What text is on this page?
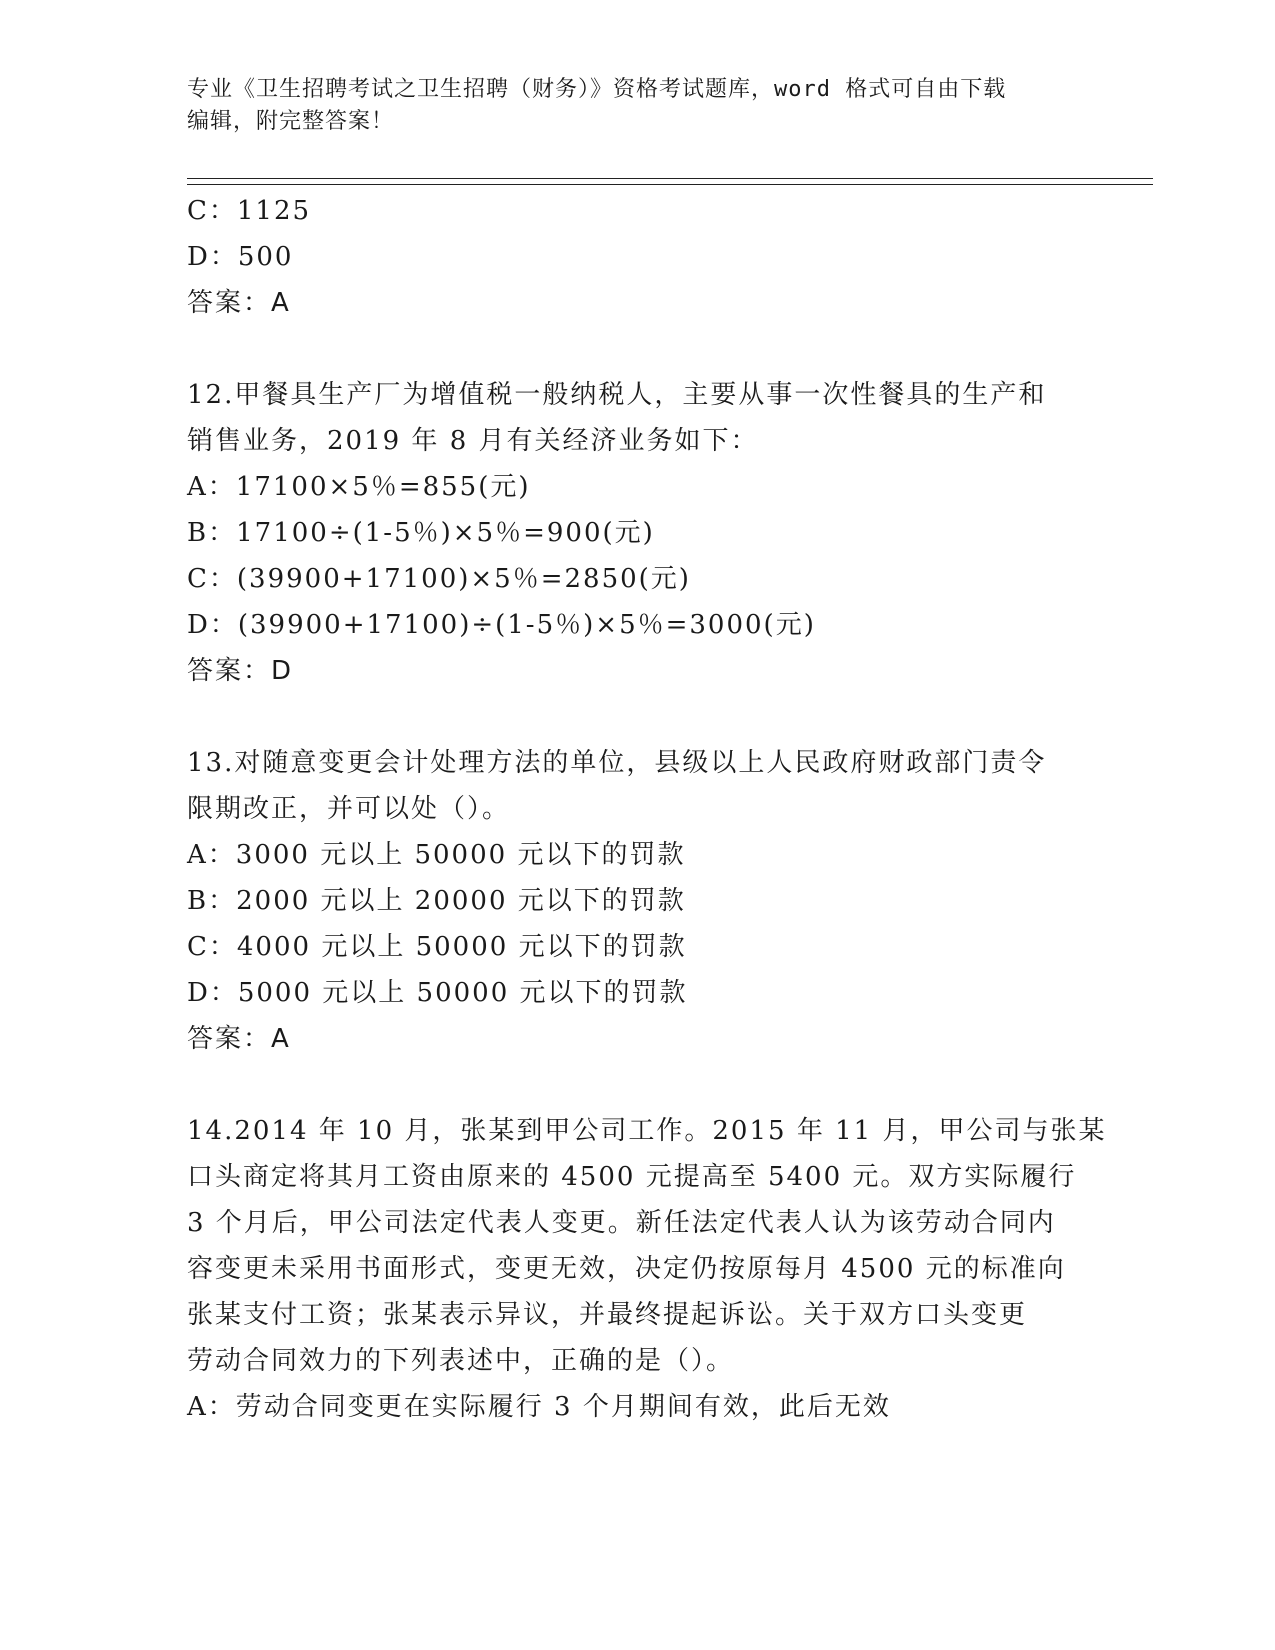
专业《卫生招聘考试之卫生招聘（财务）》资格考试题库，word 格式可自由下载
编辑，附完整答案！

C：1125

D：500

答案：A

12.甲餐具生产厂为增值税一般纳税人，主要从事一次性餐具的生产和

销售业务，2019 年 8 月有关经济业务如下：

A：17100×5％=855(元)

B：17100÷(1-5％)×5％=900(元)

C：(39900+17100)×5％=2850(元)

D：(39900+17100)÷(1-5％)×5％=3000(元)

答案：D

13.对随意变更会计处理方法的单位，县级以上人民政府财政部门责令

限期改正，并可以处（）。

A：3000 元以上 50000 元以下的罚款

B：2000 元以上 20000 元以下的罚款

C：4000 元以上 50000 元以下的罚款

D：5000 元以上 50000 元以下的罚款

答案：A

14.2014 年 10 月，张某到甲公司工作。2015 年 11 月，甲公司与张某

口头商定将其月工资由原来的 4500 元提高至 5400 元。双方实际履行

3 个月后，甲公司法定代表人变更。新任法定代表人认为该劳动合同内

容变更未采用书面形式，变更无效，决定仍按原每月 4500 元的标准向

张某支付工资；张某表示异议，并最终提起诉讼。关于双方口头变更

劳动合同效力的下列表述中，正确的是（）。

A：劳动合同变更在实际履行 3 个月期间有效，此后无效
